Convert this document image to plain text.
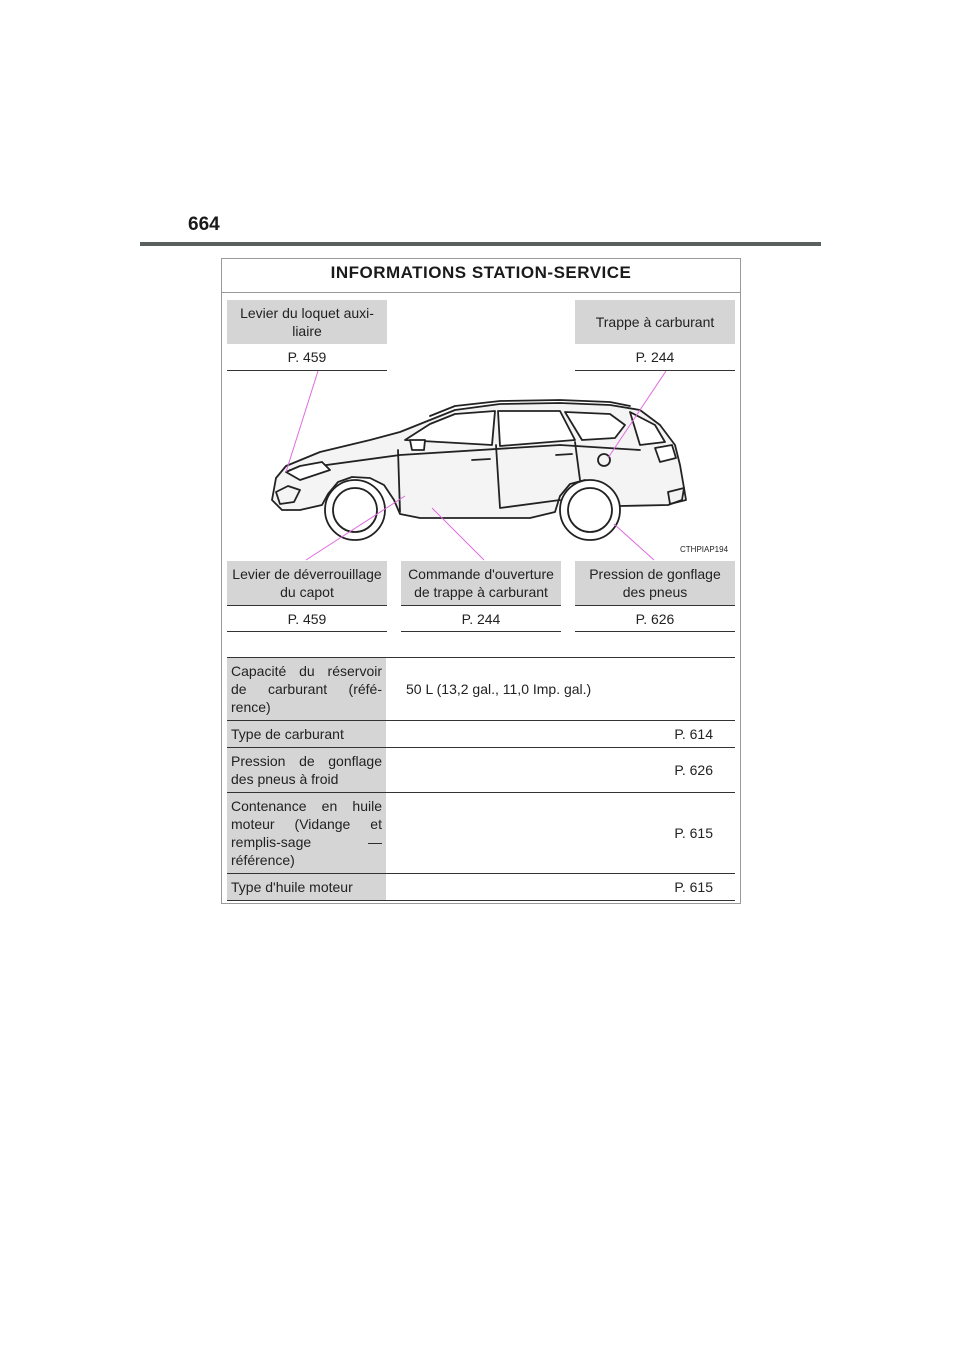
664
INFORMATIONS STATION-SERVICE
Levier du loquet auxi-liaire
P. 459
Trappe à carburant
P. 244
CTHPIAP194
Levier de déverrouillage du capot
P. 459
Commande d'ouverture de trappe à carburant
P. 244
Pression de gonflage des pneus
P. 626
Capacité du réservoir de carburant (réfé-rence)	50 L (13,2 gal., 11,0 Imp. gal.)
Type de carburant	P. 614
Pression de gonflage des pneus à froid	P. 626
Contenance en huile moteur (Vidange et remplis-sage — référence)	P. 615
Type d'huile moteur	P. 615
